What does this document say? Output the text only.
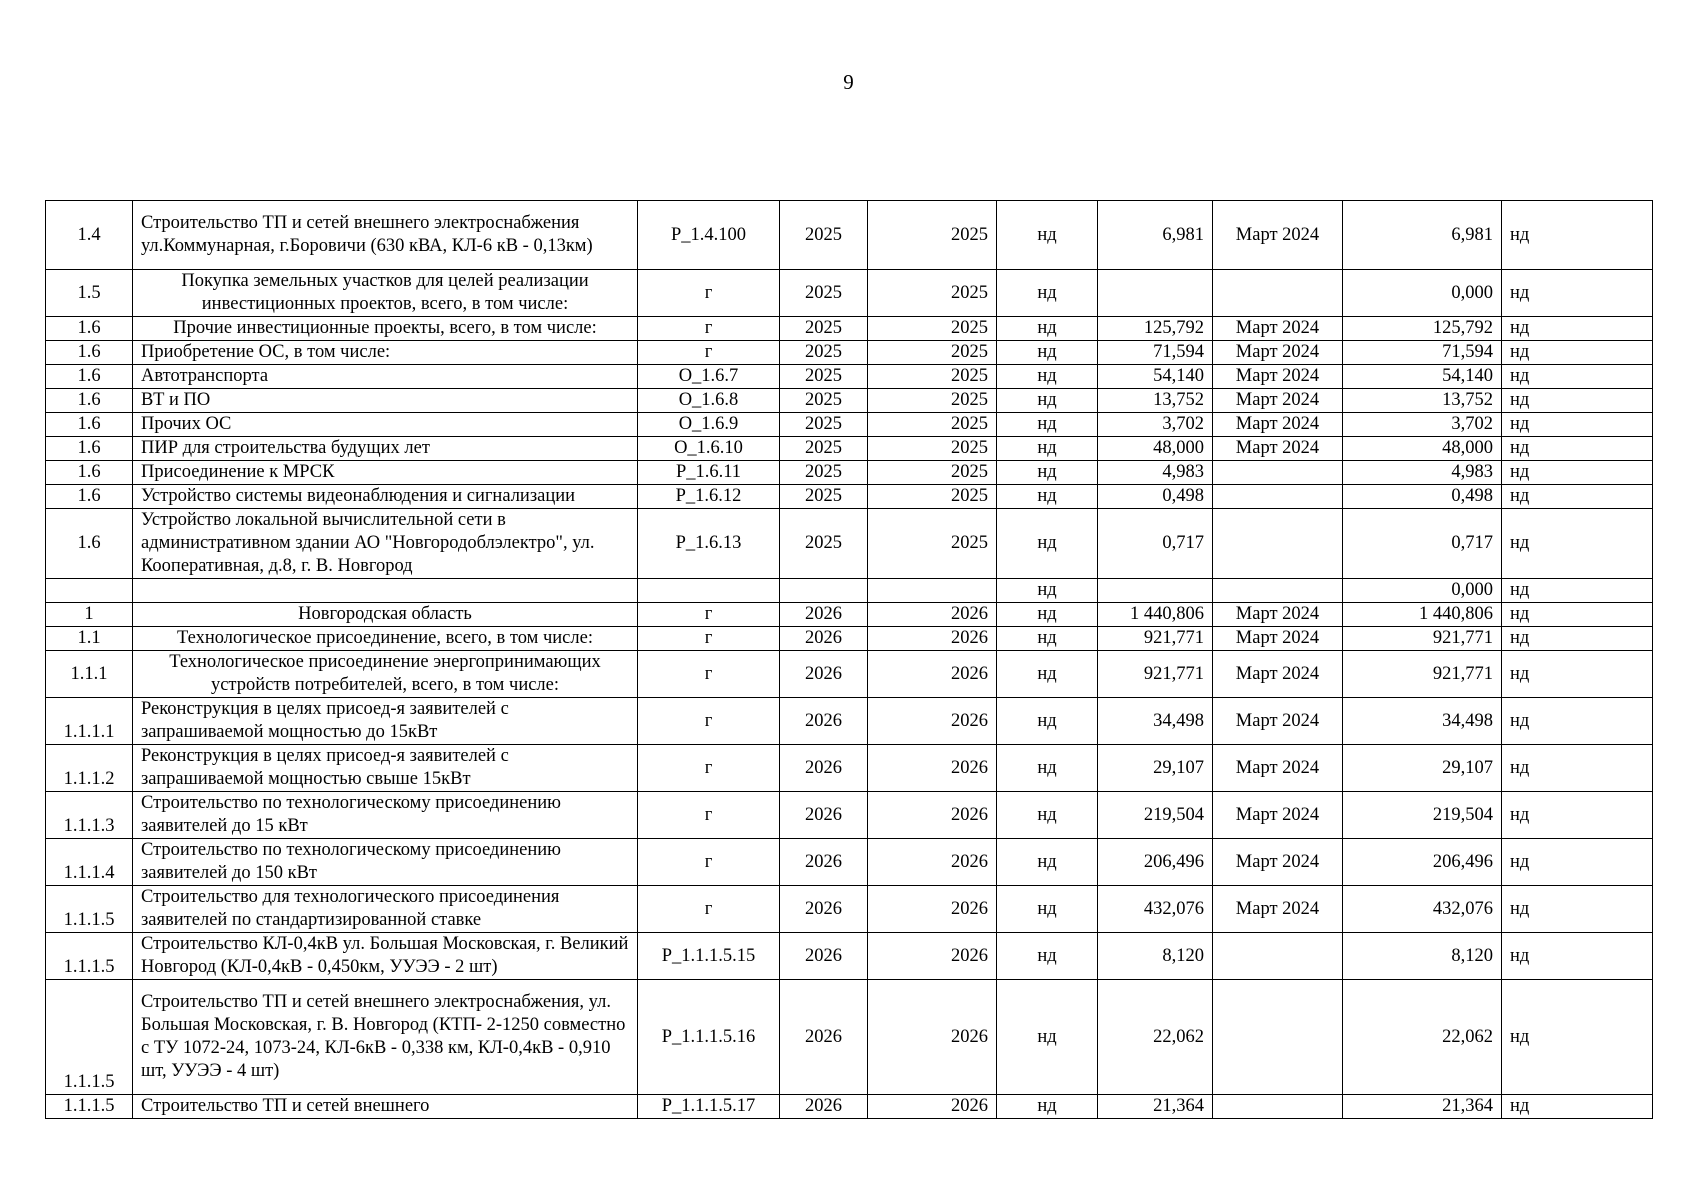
9
1.4	Строительство ТП и сетей внешнего электроснабжения ул.Коммунарная, г.Боровичи (630 кВА, КЛ-6 кВ - 0,13км)	P_1.4.100	2025	2025	нд	6,981	Март 2024	6,981	нд
1.5	Покупка земельных участков для целей реализации инвестиционных проектов, всего, в том числе:	г	2025	2025	нд			0,000	нд
1.6	Прочие инвестиционные проекты, всего, в том числе:	г	2025	2025	нд	125,792	Март 2024	125,792	нд
1.6	Приобретение ОС, в том числе:	г	2025	2025	нд	71,594	Март 2024	71,594	нд
1.6	Автотранспорта	O_1.6.7	2025	2025	нд	54,140	Март 2024	54,140	нд
1.6	ВТ и ПО	O_1.6.8	2025	2025	нд	13,752	Март 2024	13,752	нд
1.6	Прочих ОС	O_1.6.9	2025	2025	нд	3,702	Март 2024	3,702	нд
1.6	ПИР для строительства будущих лет	O_1.6.10	2025	2025	нд	48,000	Март 2024	48,000	нд
1.6	Присоединение к МРСК	P_1.6.11	2025	2025	нд	4,983		4,983	нд
1.6	Устройство системы видеонаблюдения и сигнализации	P_1.6.12	2025	2025	нд	0,498		0,498	нд
1.6	Устройство локальной вычислительной сети в административном здании АО "Новгородоблэлектро", ул. Кооперативная, д.8, г. В. Новгород	P_1.6.13	2025	2025	нд	0,717		0,717	нд
					нд			0,000	нд
1	Новгородская область	г	2026	2026	нд	1 440,806	Март 2024	1 440,806	нд
1.1	Технологическое присоединение, всего, в том числе:	г	2026	2026	нд	921,771	Март 2024	921,771	нд
1.1.1	Технологическое присоединение энергопринимающих устройств потребителей, всего, в том числе:	г	2026	2026	нд	921,771	Март 2024	921,771	нд
1.1.1.1	Реконструкция в целях присоед-я заявителей с запрашиваемой мощностью до 15кВт	г	2026	2026	нд	34,498	Март 2024	34,498	нд
1.1.1.2	Реконструкция в целях присоед-я заявителей с запрашиваемой мощностью свыше 15кВт	г	2026	2026	нд	29,107	Март 2024	29,107	нд
1.1.1.3	Строительство по технологическому присоединению заявителей до 15 кВт	г	2026	2026	нд	219,504	Март 2024	219,504	нд
1.1.1.4	Строительство по технологическому присоединению заявителей до 150 кВт	г	2026	2026	нд	206,496	Март 2024	206,496	нд
1.1.1.5	Строительство для технологического присоединения заявителей по стандартизированной ставке	г	2026	2026	нд	432,076	Март 2024	432,076	нд
1.1.1.5	Строительство КЛ-0,4кВ ул. Большая Московская, г. Великий Новгород (КЛ-0,4кВ - 0,450км, УУЭЭ - 2 шт)	P_1.1.1.5.15	2026	2026	нд	8,120		8,120	нд
1.1.1.5	Строительство ТП и сетей внешнего электроснабжения, ул. Большая Московская, г. В. Новгород (КТП- 2-1250 совместно с ТУ 1072-24, 1073-24, КЛ-6кВ - 0,338 км, КЛ-0,4кВ - 0,910 шт, УУЭЭ - 4 шт)	P_1.1.1.5.16	2026	2026	нд	22,062		22,062	нд
1.1.1.5	Строительство ТП и сетей внешнего	P_1.1.1.5.17	2026	2026	нд	21,364		21,364	нд
